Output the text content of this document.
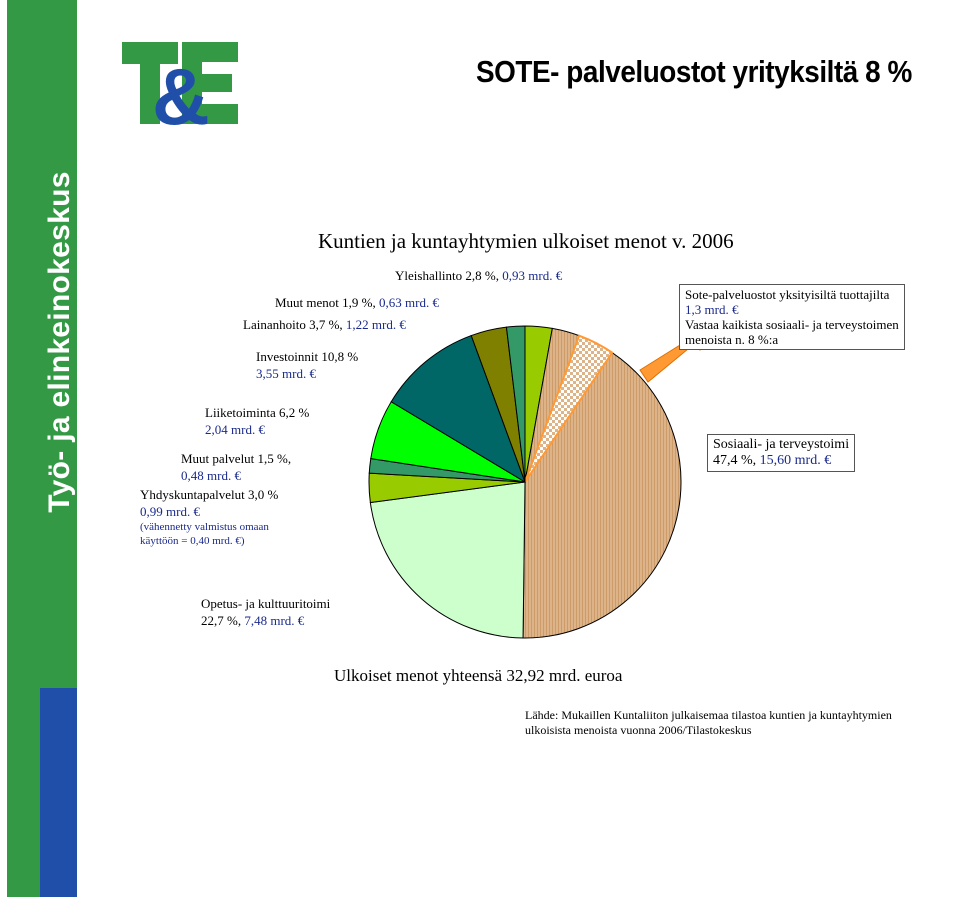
Työ- ja elinkeinokeskus
&	SOTE- palveluostot yrityksiltä 8 %
Kuntien ja kuntayhtymien ulkoiset menot v. 2006
Yleishallinto 2,8 %, 0,93 mrd. €
Muut menot 1,9 %, 0,63 mrd. €
Lainanhoito 3,7 %, 1,22 mrd. €
Investoinnit 10,8 %
3,55 mrd. €
Liiketoiminta 6,2 %
2,04 mrd. €
Muut palvelut 1,5 %,
0,48 mrd. €
Yhdyskuntapalvelut 3,0 %
0,99 mrd. €
(vähennetty valmistus omaan
käyttöön = 0,40 mrd. €)
Opetus- ja kulttuuritoimi
22,7 %, 7,48 mrd. €
Sote-palveluostot yksityisiltä tuottajilta
1,3 mrd. €
Vastaa kaikista sosiaali- ja terveystoimen
menoista n. 8 %:a
Sosiaali- ja terveystoimi
47,4 %, 15,60 mrd. €
Ulkoiset menot yhteensä 32,92 mrd. euroa
Lähde: Mukaillen Kuntaliiton julkaisemaa tilastoa kuntien ja kuntayhtymien
ulkoisista menoista vuonna 2006/Tilastokeskus
